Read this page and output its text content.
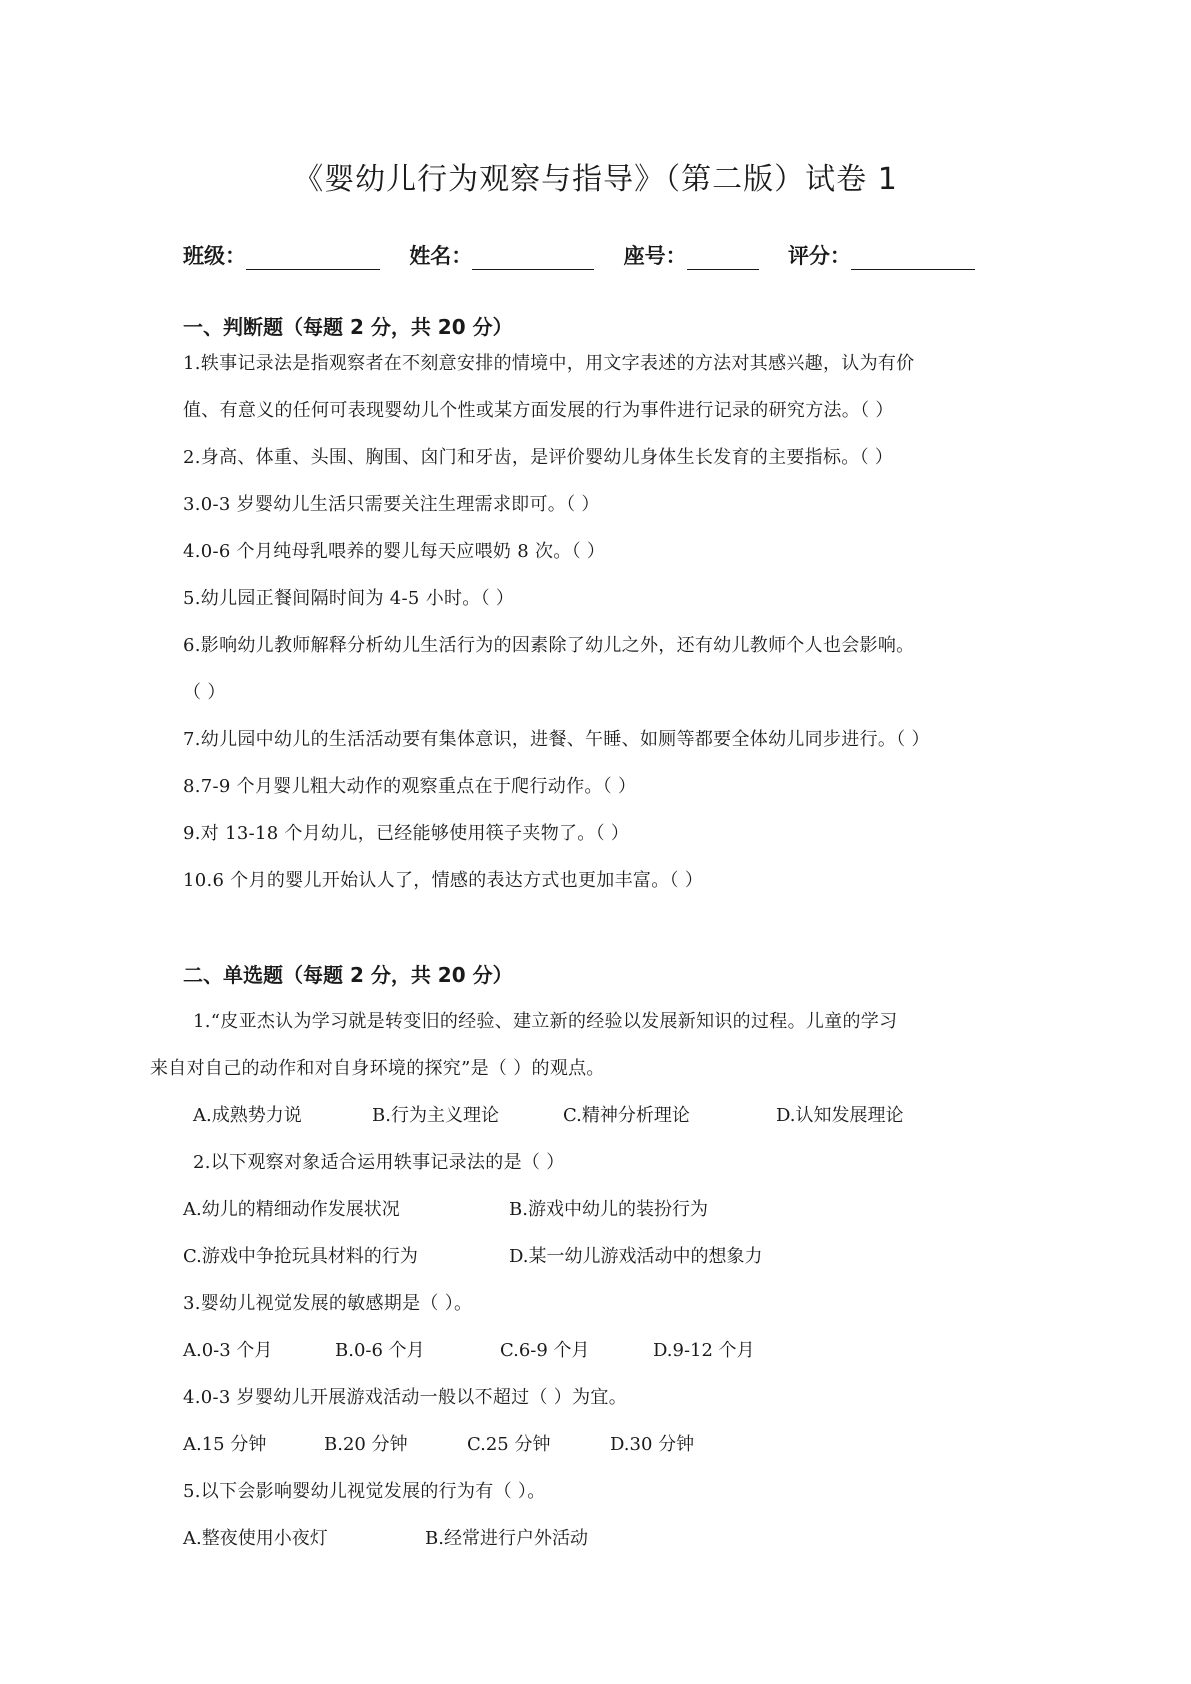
《婴幼儿行为观察与指导》（第二版）试卷 1
班级：	姓名：	座号：	评分：
一、判断题（每题 2 分，共 20 分）
1.轶事记录法是指观察者在不刻意安排的情境中，用文字表述的方法对其感兴趣，认为有价
值、有意义的任何可表现婴幼儿个性或某方面发展的行为事件进行记录的研究方法。（ ）
2.身高、体重、头围、胸围、囟门和牙齿，是评价婴幼儿身体生长发育的主要指标。（ ）
3.0-3 岁婴幼儿生活只需要关注生理需求即可。（ ）
4.0-6 个月纯母乳喂养的婴儿每天应喂奶 8 次。（ ）
5.幼儿园正餐间隔时间为 4-5 小时。（ ）
6.影响幼儿教师解释分析幼儿生活行为的因素除了幼儿之外，还有幼儿教师个人也会影响。
（ ）
7.幼儿园中幼儿的生活活动要有集体意识，进餐、午睡、如厕等都要全体幼儿同步进行。（ ）
8.7-9 个月婴儿粗大动作的观察重点在于爬行动作。（ ）
9.对 13-18 个月幼儿，已经能够使用筷子夹物了。（ ）
10.6 个月的婴儿开始认人了，情感的表达方式也更加丰富。（ ）
二、单选题（每题 2 分，共 20 分）
1.“皮亚杰认为学习就是转变旧的经验、建立新的经验以发展新知识的过程。儿童的学习
来自对自己的动作和对自身环境的探究”是（ ）的观点。
A.成熟势力说	B.行为主义理论	C.精神分析理论	D.认知发展理论
2.以下观察对象适合运用轶事记录法的是（ ）
A.幼儿的精细动作发展状况	B.游戏中幼儿的装扮行为
C.游戏中争抢玩具材料的行为	D.某一幼儿游戏活动中的想象力
3.婴幼儿视觉发展的敏感期是（ ）。
A.0-3 个月	B.0-6 个月	C.6-9 个月	D.9-12 个月
4.0-3 岁婴幼儿开展游戏活动一般以不超过（ ）为宜。
A.15 分钟	B.20 分钟	C.25 分钟	D.30 分钟
5.以下会影响婴幼儿视觉发展的行为有（ ）。
A.整夜使用小夜灯	B.经常进行户外活动
